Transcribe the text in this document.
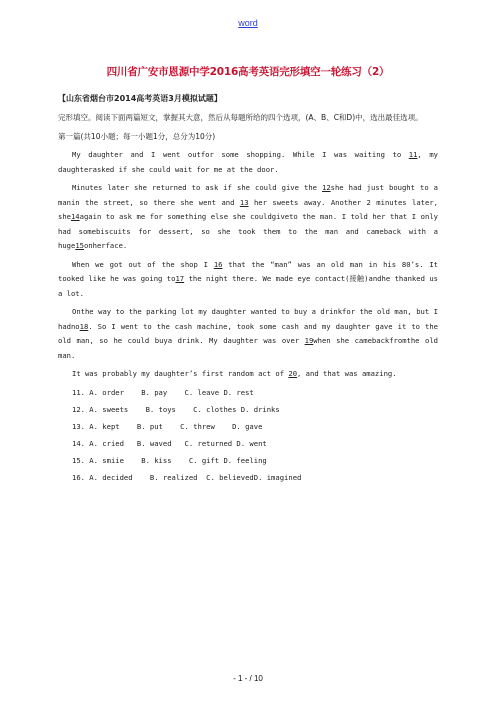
word
四川省广安市恩源中学2016高考英语完形填空一轮练习（2）
【山东省烟台市2014高考英语3月模拟试题】

完形填空。阅读下面两篇短文，掌握其大意，然后从每题所给的四个选项，(A、B、C和D)中，选出最佳选项。

第一篇(共10小题；每一小题1分，总分为10分)

My daughter and I went outfor some shopping. While I was waiting to 11, my daughterasked if she could wait for me at the door.

Minutes later she returned to ask if she could give the 12she had just bought to a manin the street, so there she went and 13 her sweets away. Another 2 minutes later, she14again to ask me for something else she couldgiveto the man. I told her that I only had somebiscuits for dessert, so she took them to the man and cameback with a huge15onherface.

When we got out of the shop I 16 that the “man” was an old man in his 80’s. It tooked like he was going to17 the night there. We made eye contact(接触)andhe thanked us a lot.

Onthe way to the parking lot my daughter wanted to buy a drinkfor the old man, but I hadno18. So I went to the cash machine, took some cash and my daughter gave it to the old man, so he could buya drink. My daughter was over 19when she camebackfromthe old man.

It was probably my daughter’s first random act of 20, and that was amazing.

11. A. order    B. pay    C. leave D. rest
12. A. sweets    B. toys    C. clothes D. drinks
13. A. kept    B. put    C. threw    D. gave
14. A. cried   B. waved   C. returned D. went
15. A. smiie    B. kiss    C. gift D. feeling
16. A. decided    B. realized  C. believedD. imagined
- 1 - / 10
